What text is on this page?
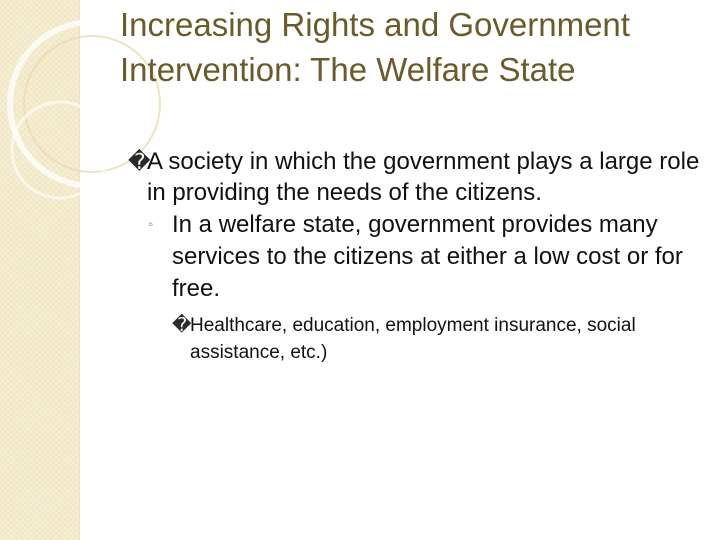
Increasing Rights and Government Intervention: The Welfare State

�
A society in which the government plays a large role in providing the needs of the citizens.

◦ In a welfare state, government provides many services to the citizens at either a low cost or for free.

�
Healthcare, education, employment insurance, social assistance, etc.)
